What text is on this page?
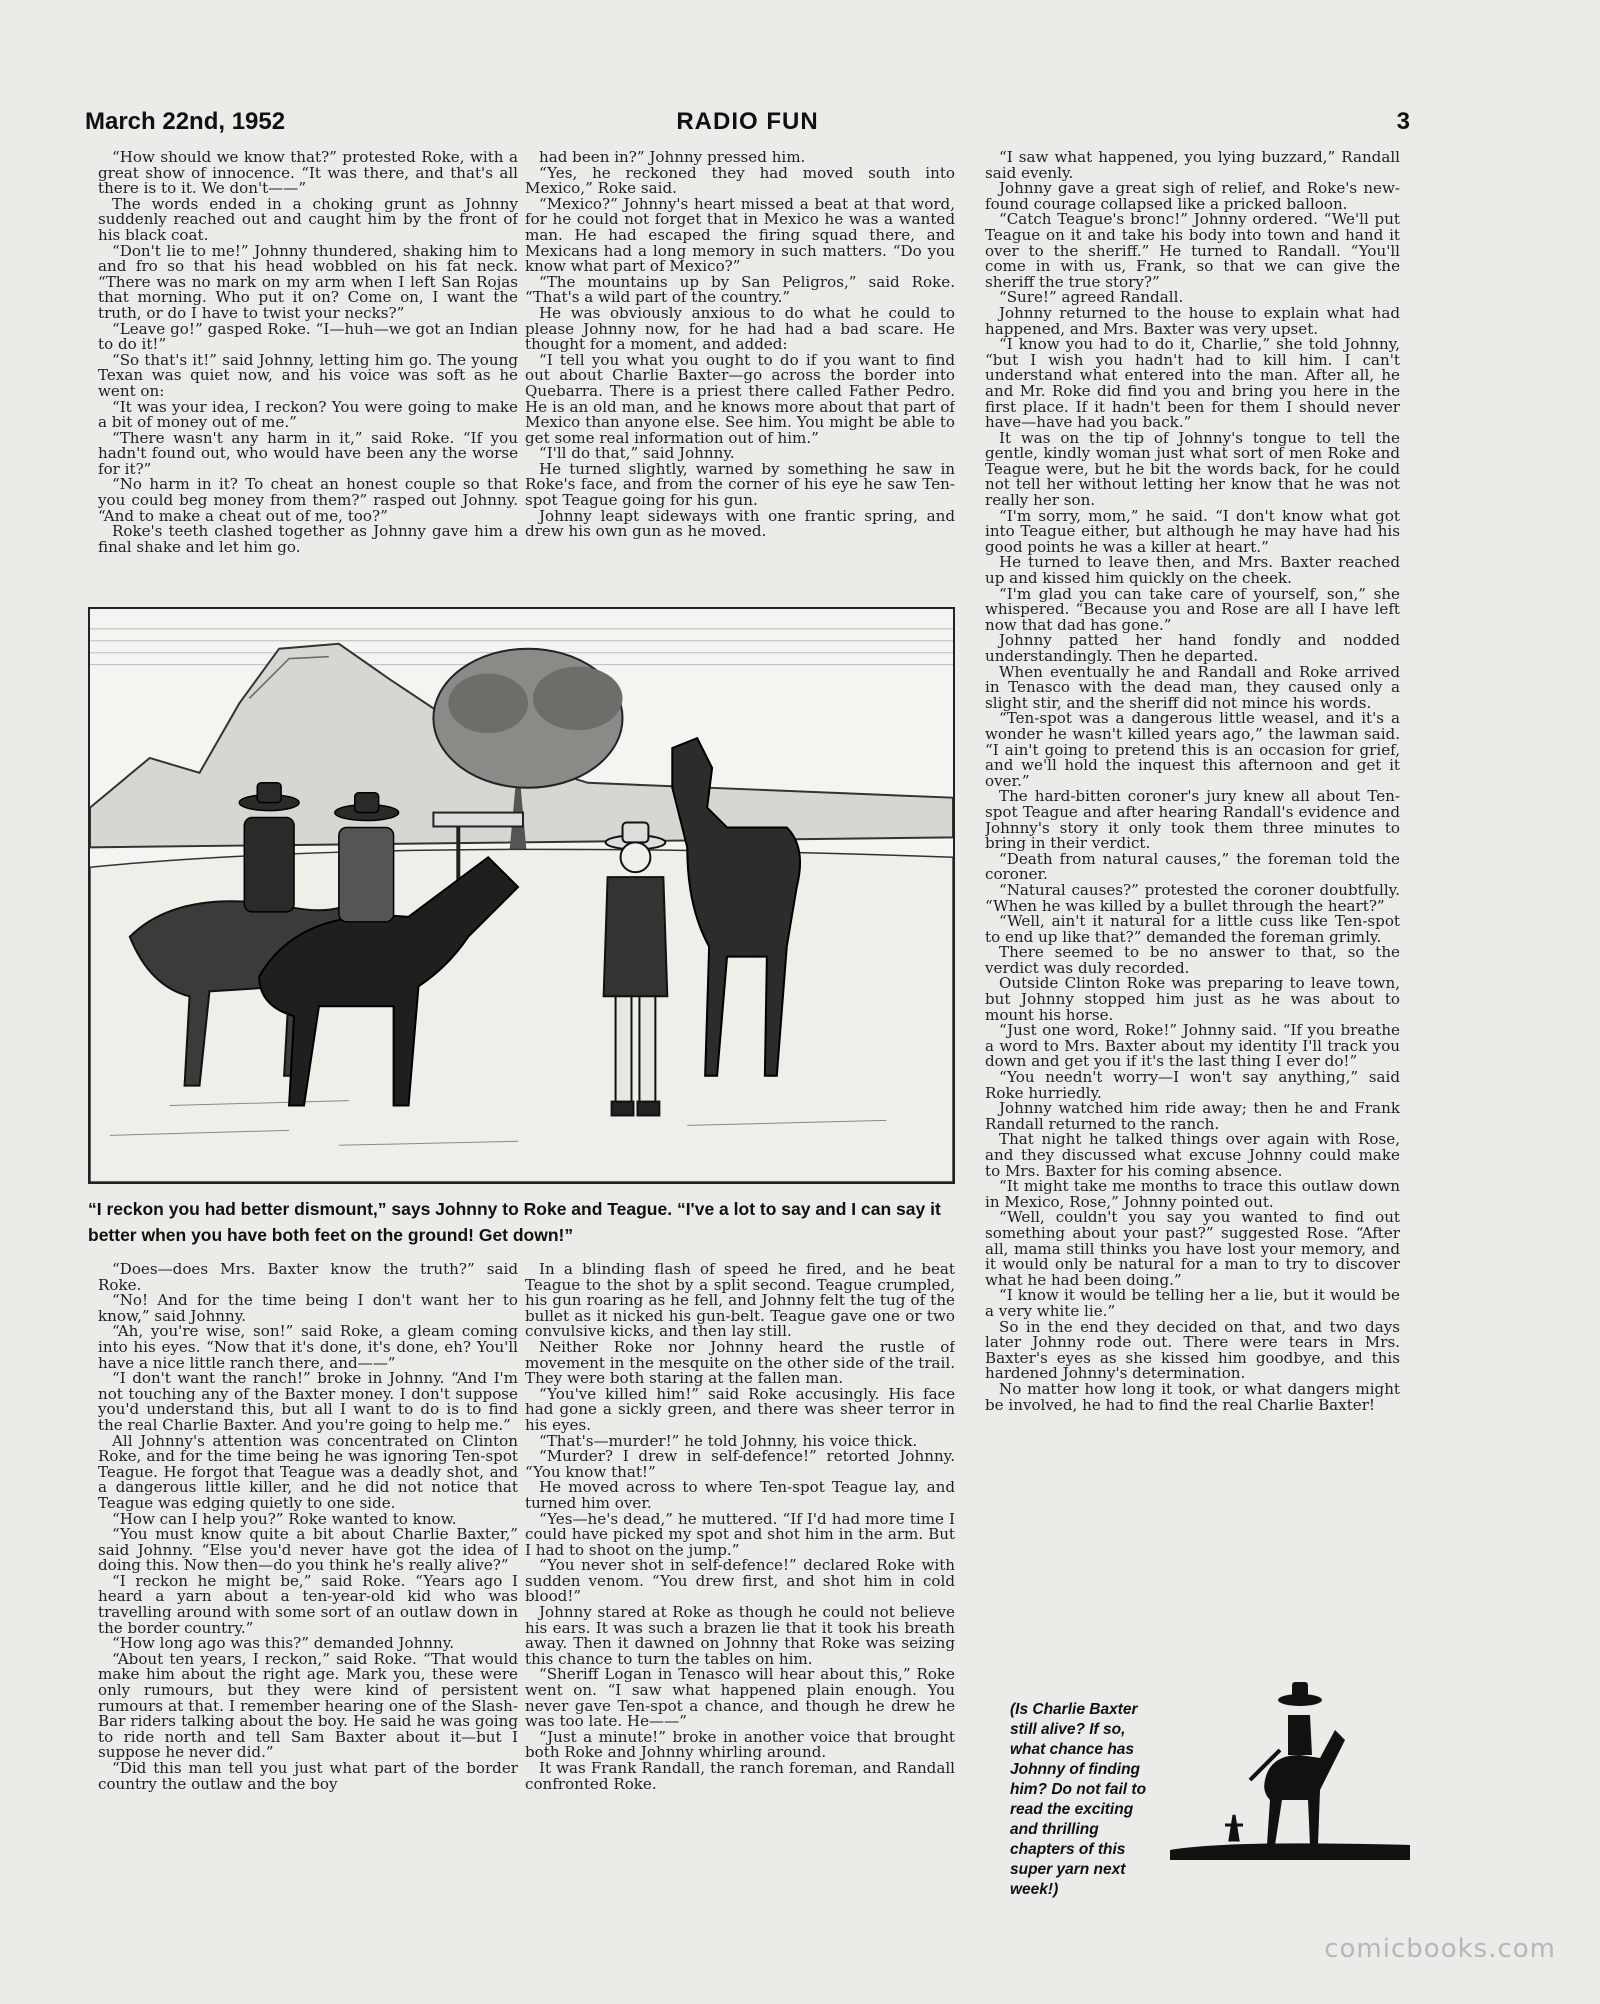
March 22nd, 1952	RADIO FUN	3

“How should we know that?” protested Roke, with a great show of innocence. “It was there, and that's all there is to it. We don't——”

The words ended in a choking grunt as Johnny suddenly reached out and caught him by the front of his black coat.

“Don't lie to me!” Johnny thundered, shaking him to and fro so that his head wobbled on his fat neck. “There was no mark on my arm when I left San Rojas that morning. Who put it on? Come on, I want the truth, or do I have to twist your necks?”

“Leave go!” gasped Roke. “I—huh—we got an Indian to do it!”

“So that's it!” said Johnny, letting him go. The young Texan was quiet now, and his voice was soft as he went on:

“It was your idea, I reckon? You were going to make a bit of money out of me.”

“There wasn't any harm in it,” said Roke. “If you hadn't found out, who would have been any the worse for it?”

“No harm in it? To cheat an honest couple so that you could beg money from them?” rasped out Johnny. “And to make a cheat out of me, too?”

Roke's teeth clashed together as Johnny gave him a final shake and let him go.

had been in?” Johnny pressed him.

“Yes, he reckoned they had moved south into Mexico,” Roke said.

“Mexico?” Johnny's heart missed a beat at that word, for he could not forget that in Mexico he was a wanted man. He had escaped the firing squad there, and Mexicans had a long memory in such matters. “Do you know what part of Mexico?”

“The mountains up by San Peligros,” said Roke. “That's a wild part of the country.”

He was obviously anxious to do what he could to please Johnny now, for he had had a bad scare. He thought for a moment, and added:

“I tell you what you ought to do if you want to find out about Charlie Baxter—go across the border into Quebarra. There is a priest there called Father Pedro. He is an old man, and he knows more about that part of Mexico than anyone else. See him. You might be able to get some real information out of him.”

“I'll do that,” said Johnny.

He turned slightly, warned by something he saw in Roke's face, and from the corner of his eye he saw Ten-spot Teague going for his gun.

Johnny leapt sideways with one frantic spring, and drew his own gun as he moved.

“I saw what happened, you lying buzzard,” Randall said evenly.

Johnny gave a great sigh of relief, and Roke's new-found courage collapsed like a pricked balloon.

“Catch Teague's bronc!” Johnny ordered. “We'll put Teague on it and take his body into town and hand it over to the sheriff.” He turned to Randall. “You'll come in with us, Frank, so that we can give the sheriff the true story?”

“Sure!” agreed Randall.

Johnny returned to the house to explain what had happened, and Mrs. Baxter was very upset.

“I know you had to do it, Charlie,” she told Johnny, “but I wish you hadn't had to kill him. I can't understand what entered into the man. After all, he and Mr. Roke did find you and bring you here in the first place. If it hadn't been for them I should never have—have had you back.”

It was on the tip of Johnny's tongue to tell the gentle, kindly woman just what sort of men Roke and Teague were, but he bit the words back, for he could not tell her without letting her know that he was not really her son.

“I'm sorry, mom,” he said. “I don't know what got into Teague either, but although he may have had his good points he was a killer at heart.”

He turned to leave then, and Mrs. Baxter reached up and kissed him quickly on the cheek.

“I'm glad you can take care of yourself, son,” she whispered. “Because you and Rose are all I have left now that dad has gone.”

Johnny patted her hand fondly and nodded understandingly. Then he departed.

When eventually he and Randall and Roke arrived in Tenasco with the dead man, they caused only a slight stir, and the sheriff did not mince his words.

“Ten-spot was a dangerous little weasel, and it's a wonder he wasn't killed years ago,” the lawman said. “I ain't going to pretend this is an occasion for grief, and we'll hold the inquest this afternoon and get it over.”

The hard-bitten coroner's jury knew all about Ten-spot Teague and after hearing Randall's evidence and Johnny's story it only took them three minutes to bring in their verdict.

“Death from natural causes,” the foreman told the coroner.

“Natural causes?” protested the coroner doubtfully. “When he was killed by a bullet through the heart?”

“Well, ain't it natural for a little cuss like Ten-spot to end up like that?” demanded the foreman grimly.

There seemed to be no answer to that, so the verdict was duly recorded.

Outside Clinton Roke was preparing to leave town, but Johnny stopped him just as he was about to mount his horse.

“Just one word, Roke!” Johnny said. “If you breathe a word to Mrs. Baxter about my identity I'll track you down and get you if it's the last thing I ever do!”

“You needn't worry—I won't say anything,” said Roke hurriedly.

Johnny watched him ride away; then he and Frank Randall returned to the ranch.

That night he talked things over again with Rose, and they discussed what excuse Johnny could make to Mrs. Baxter for his coming absence.

“It might take me months to trace this outlaw down in Mexico, Rose,” Johnny pointed out.

“Well, couldn't you say you wanted to find out something about your past?” suggested Rose. “After all, mama still thinks you have lost your memory, and it would only be natural for a man to try to discover what he had been doing.”

“I know it would be telling her a lie, but it would be a very white lie.”

So in the end they decided on that, and two days later Johnny rode out. There were tears in Mrs. Baxter's eyes as she kissed him goodbye, and this hardened Johnny's determination.

No matter how long it took, or what dangers might be involved, he had to find the real Charlie Baxter!

“I reckon you had better dismount,” says Johnny to Roke and Teague. “I've a lot to say and I can say it better when you have both feet on the ground! Get down!”

“Does—does Mrs. Baxter know the truth?” said Roke.

“No! And for the time being I don't want her to know,” said Johnny.

“Ah, you're wise, son!” said Roke, a gleam coming into his eyes. “Now that it's done, it's done, eh? You'll have a nice little ranch there, and——”

“I don't want the ranch!” broke in Johnny. “And I'm not touching any of the Baxter money. I don't suppose you'd understand this, but all I want to do is to find the real Charlie Baxter. And you're going to help me.”

All Johnny's attention was concentrated on Clinton Roke, and for the time being he was ignoring Ten-spot Teague. He forgot that Teague was a deadly shot, and a dangerous little killer, and he did not notice that Teague was edging quietly to one side.

“How can I help you?” Roke wanted to know.

“You must know quite a bit about Charlie Baxter,” said Johnny. “Else you'd never have got the idea of doing this. Now then—do you think he's really alive?”

“I reckon he might be,” said Roke. “Years ago I heard a yarn about a ten-year-old kid who was travelling around with some sort of an outlaw down in the border country.”

“How long ago was this?” demanded Johnny.

“About ten years, I reckon,” said Roke. “That would make him about the right age. Mark you, these were only rumours, but they were kind of persistent rumours at that. I remember hearing one of the Slash-Bar riders talking about the boy. He said he was going to ride north and tell Sam Baxter about it—but I suppose he never did.”

“Did this man tell you just what part of the border country the outlaw and the boy

In a blinding flash of speed he fired, and he beat Teague to the shot by a split second. Teague crumpled, his gun roaring as he fell, and Johnny felt the tug of the bullet as it nicked his gun-belt. Teague gave one or two convulsive kicks, and then lay still.

Neither Roke nor Johnny heard the rustle of movement in the mesquite on the other side of the trail. They were both staring at the fallen man.

“You've killed him!” said Roke accusingly. His face had gone a sickly green, and there was sheer terror in his eyes.

“That's—murder!” he told Johnny, his voice thick.

“Murder? I drew in self-defence!” retorted Johnny. “You know that!”

He moved across to where Ten-spot Teague lay, and turned him over.

“Yes—he's dead,” he muttered. “If I'd had more time I could have picked my spot and shot him in the arm. But I had to shoot on the jump.”

“You never shot in self-defence!” declared Roke with sudden venom. “You drew first, and shot him in cold blood!”

Johnny stared at Roke as though he could not believe his ears. It was such a brazen lie that it took his breath away. Then it dawned on Johnny that Roke was seizing this chance to turn the tables on him.

“Sheriff Logan in Tenasco will hear about this,” Roke went on. “I saw what happened plain enough. You never gave Ten-spot a chance, and though he drew he was too late. He——”

“Just a minute!” broke in another voice that brought both Roke and Johnny whirling around.

It was Frank Randall, the ranch foreman, and Randall confronted Roke.

(Is Charlie Baxter still alive? If so, what chance has Johnny of finding him? Do not fail to read the exciting and thrilling chapters of this super yarn next week!)
comicbooks.com
